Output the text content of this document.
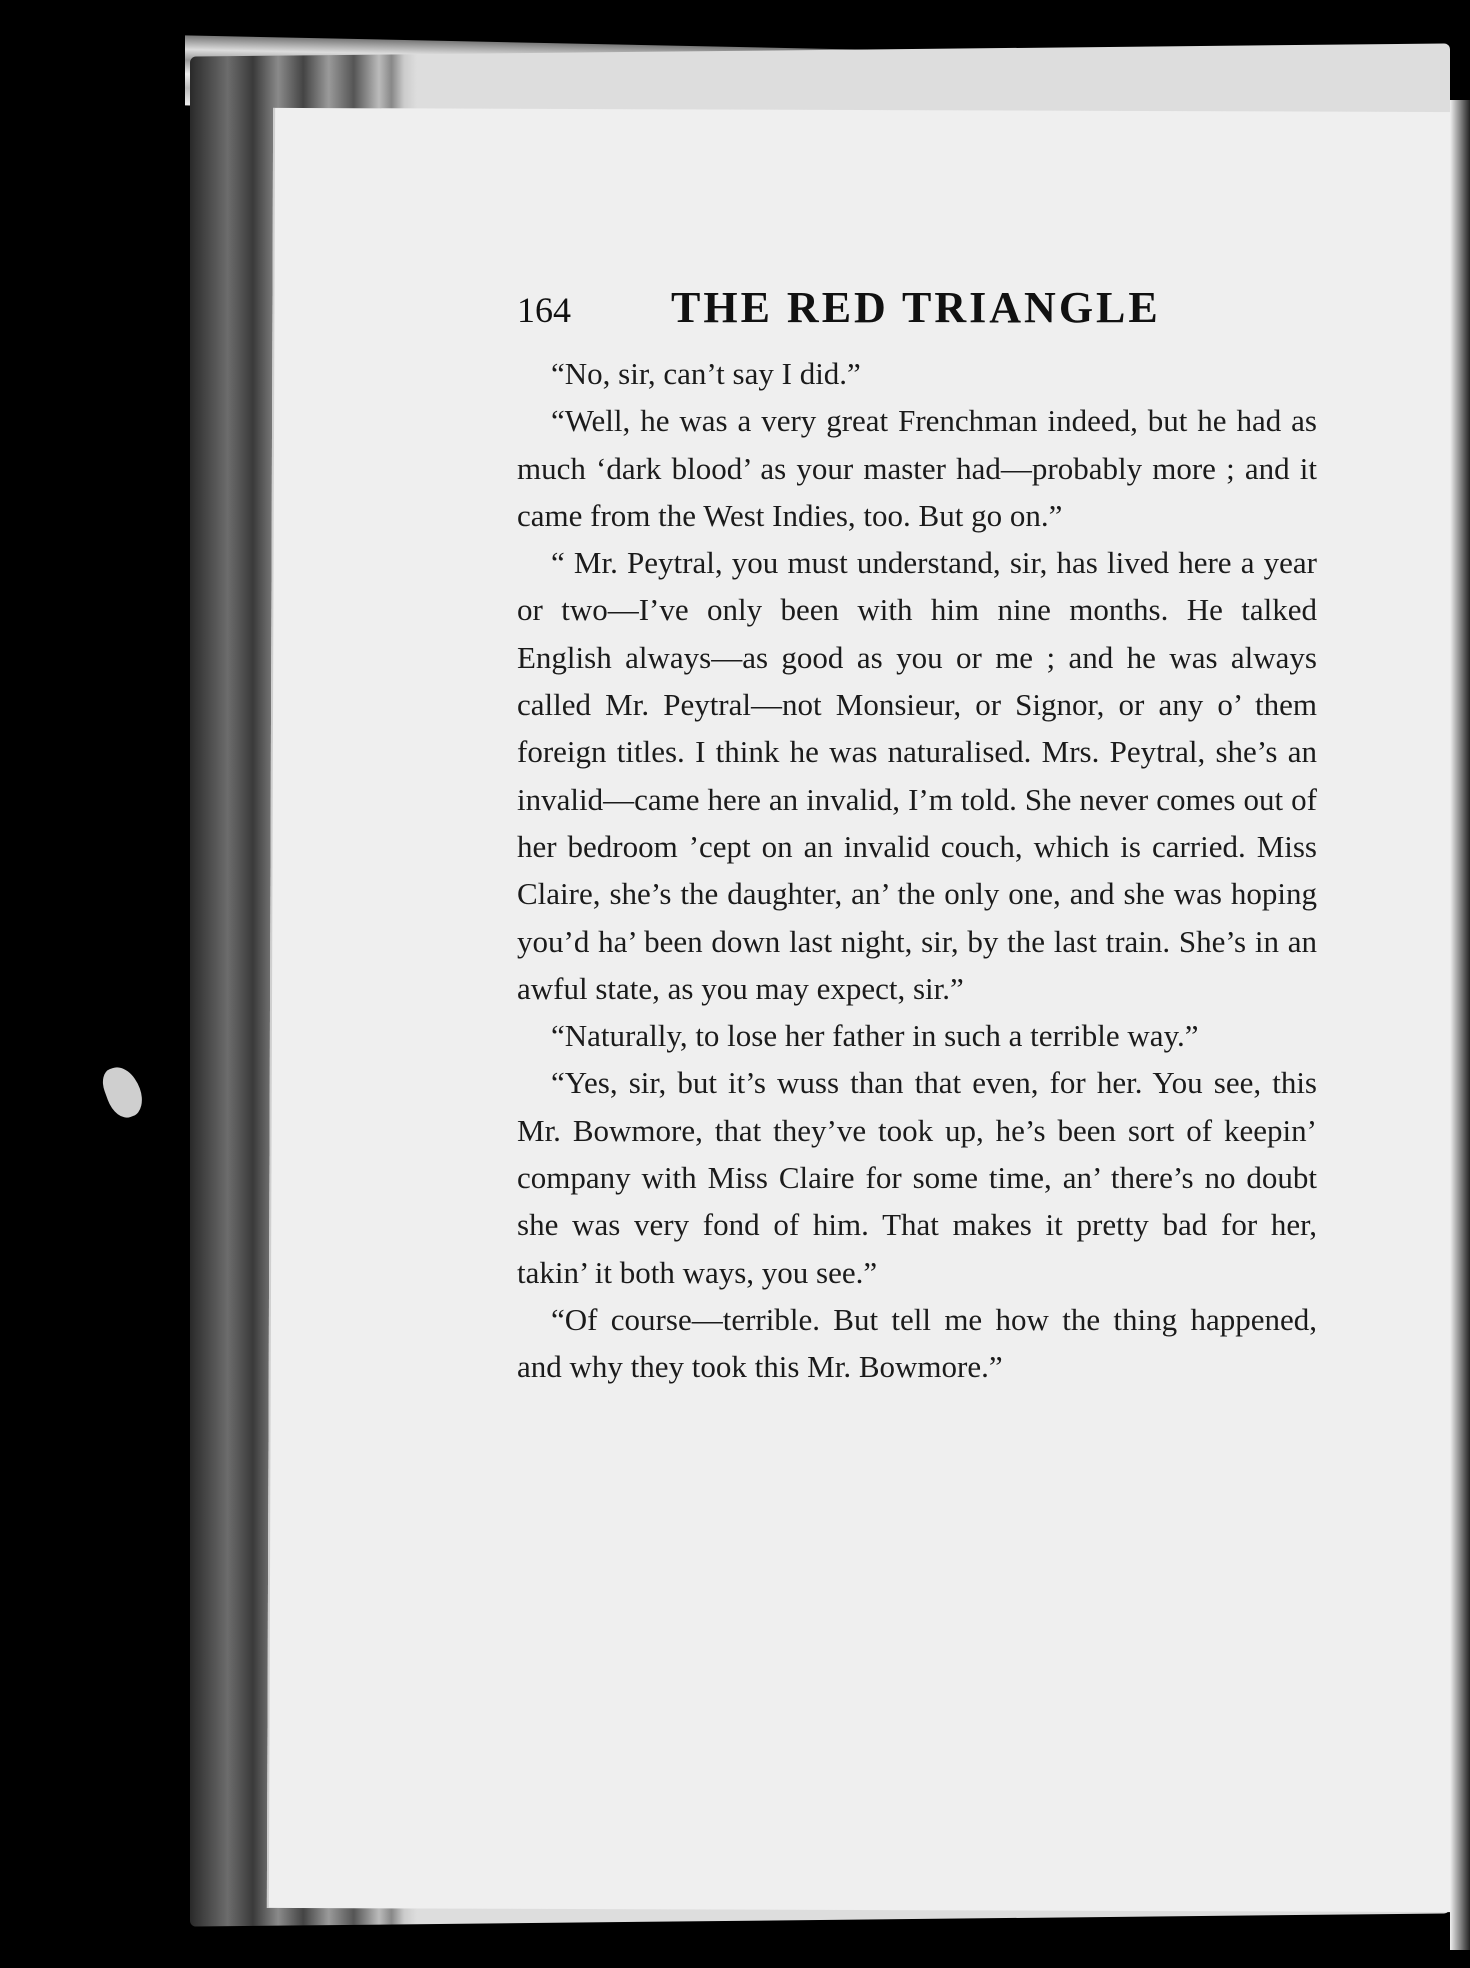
164 THE RED TRIANGLE

“No, sir, can’t say I did.”

“Well, he was a very great Frenchman indeed, but he had as much ‘dark blood’ as your master had—probably more ; and it came from the West Indies, too. But go on.”

“ Mr. Peytral, you must understand, sir, has lived here a year or two—I’ve only been with him nine months. He talked English always—as good as you or me ; and he was always called Mr. Peytral—not Monsieur, or Signor, or any o’ them foreign titles. I think he was naturalised. Mrs. Peytral, she’s an invalid—came here an invalid, I’m told. She never comes out of her bedroom ’cept on an invalid couch, which is carried. Miss Claire, she’s the daughter, an’ the only one, and she was hoping you’d ha’ been down last night, sir, by the last train. She’s in an awful state, as you may expect, sir.”

“Naturally, to lose her father in such a terrible way.”

“Yes, sir, but it’s wuss than that even, for her. You see, this Mr. Bowmore, that they’ve took up, he’s been sort of keepin’ company with Miss Claire for some time, an’ there’s no doubt she was very fond of him. That makes it pretty bad for her, takin’ it both ways, you see.”

“Of course—terrible. But tell me how the thing happened, and why they took this Mr. Bowmore.”
